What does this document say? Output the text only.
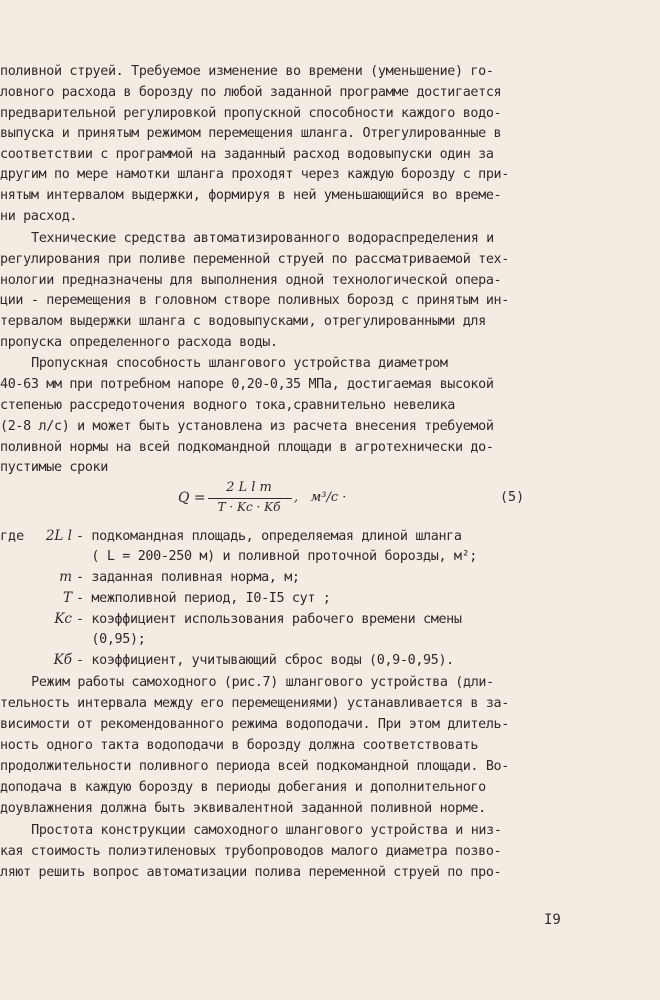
поливной струей. Требуемое изменение во времени (уменьшение) го-
ловного расхода в борозду по любой заданной программе достигается
предварительной регулировкой пропускной способности каждого водо-
выпуска и принятым режимом перемещения шланга. Отрегулированные в
соответствии с программой на заданный расход водовыпуски один за
другим по мере намотки шланга проходят через каждую борозду с при-
нятым интервалом выдержки, формируя в ней уменьшающийся во време-
ни расход.
Технические средства автоматизированного водораспределения и
регулирования при поливе переменной струей по рассматриваемой тех-
нологии предназначены для выполнения одной технологической опера-
ции - перемещения в головном створе поливных борозд с принятым ин-
тервалом выдержки шланга с водовыпусками, отрегулированными для
пропуска определенного расхода воды.
Пропускная способность шлангового устройства диаметром
40-63 мм при потребном напоре 0,20-0,35 МПа, достигаемая высокой
степенью рассредоточения водного тока,сравнительно невелика
(2-8 л/с) и может быть установлена из расчета внесения требуемой
поливной нормы на всей подкомандной площади в агротехнически до-
пустимые сроки
Q =
2 L l m
T · Kс · Kб
,   м³/с ·	(5)
где	2L l - подкомандная площадь, определяемая длиной шланга
( L = 200-250 м) и поливной проточной борозды, м²;
m - заданная поливная норма, м;
T - межполивной период, I0-I5 сут ;
Kс - коэффициент использования рабочего времени смены
(0,95);
Kб - коэффициент, учитывающий сброс воды (0,9-0,95).
Режим работы самоходного (рис.7) шлангового устройства (дли-
тельность интервала между его перемещениями) устанавливается в за-
висимости от рекомендованного режима водоподачи. При этом длитель-
ность одного такта водоподачи в борозду должна соответствовать
продолжительности поливного периода всей подкомандной площади. Во-
доподача в каждую борозду в периоды добегания и дополнительного
доувлажнения должна быть эквивалентной заданной поливной норме.
Простота конструкции самоходного шлангового устройства и низ-
кая стоимость полиэтиленовых трубопроводов малого диаметра позво-
ляют решить вопрос автоматизации полива переменной струей по про-
I9
